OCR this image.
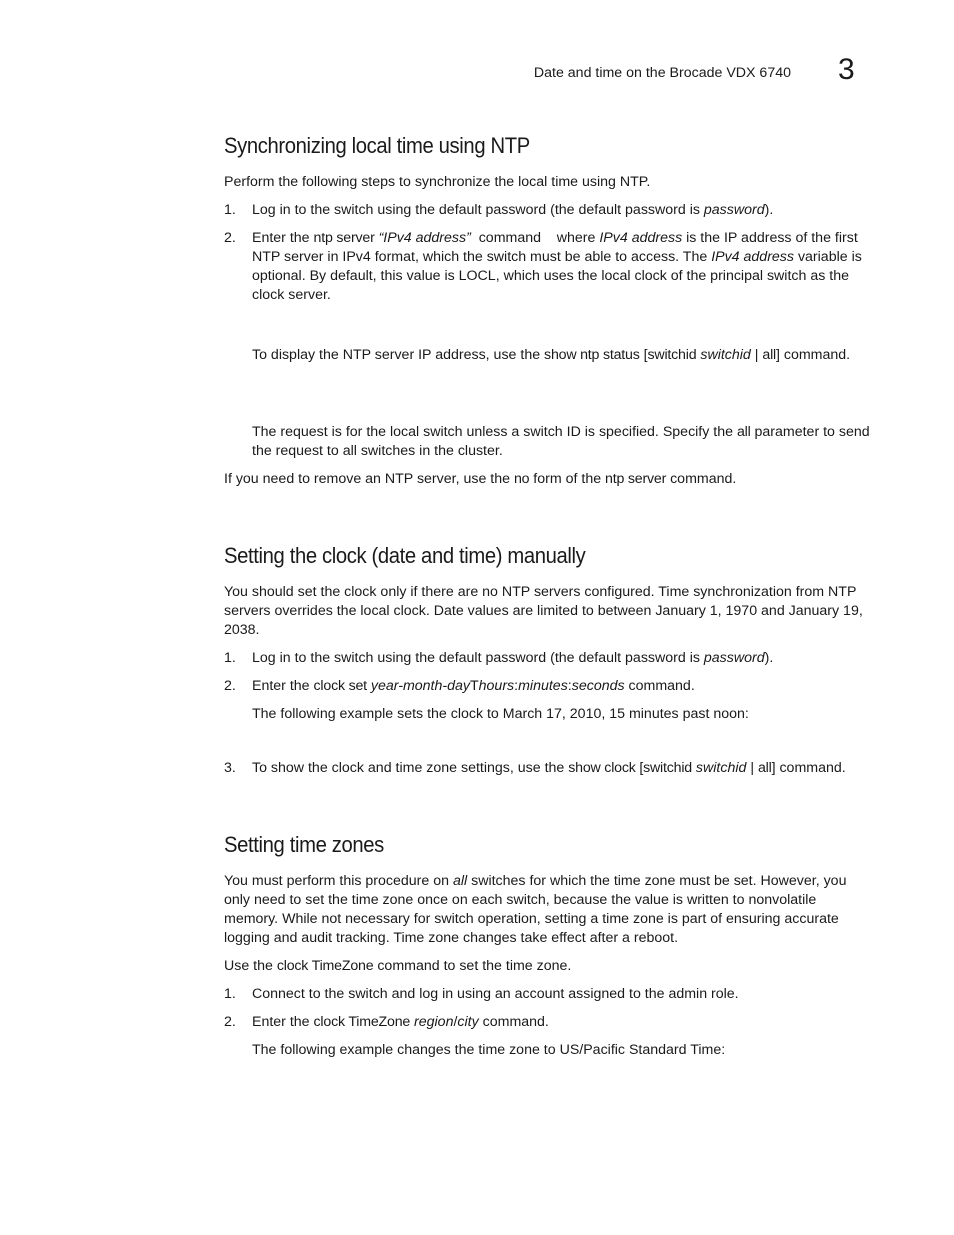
Date and time on the Brocade VDX 6740 3
Synchronizing local time using NTP

Perform the following steps to synchronize the local time using NTP.

1. Log in to the switch using the default password (the default password is password).
2. Enter the ntp server “IPv4 address”  command    where IPv4 address is the IP address of the first NTP server in IPv4 format, which the switch must be able to access. The IPv4 address variable is optional. By default, this value is LOCL, which uses the local clock of the principal switch as the clock server.

To display the NTP server IP address, use the show ntp status [switchid switchid | all] command.

The request is for the local switch unless a switch ID is specified. Specify the all parameter to send the request to all switches in the cluster.

If you need to remove an NTP server, use the no form of the ntp server command.

Setting the clock (date and time) manually

You should set the clock only if there are no NTP servers configured. Time synchronization from NTP servers overrides the local clock. Date values are limited to between January 1, 1970 and January 19, 2038.

1. Log in to the switch using the default password (the default password is password).
2. Enter the clock set year-month-dayThours:minutes:seconds command.

The following example sets the clock to March 17, 2010, 15 minutes past noon:

3. To show the clock and time zone settings, use the show clock [switchid switchid | all] command.
Setting time zones

You must perform this procedure on all switches for which the time zone must be set. However, you only need to set the time zone once on each switch, because the value is written to nonvolatile memory. While not necessary for switch operation, setting a time zone is part of ensuring accurate logging and audit tracking. Time zone changes take effect after a reboot.

Use the clock TimeZone command to set the time zone.

1. Connect to the switch and log in using an account assigned to the admin role.
2. Enter the clock TimeZone region/city command.

The following example changes the time zone to US/Pacific Standard Time:
